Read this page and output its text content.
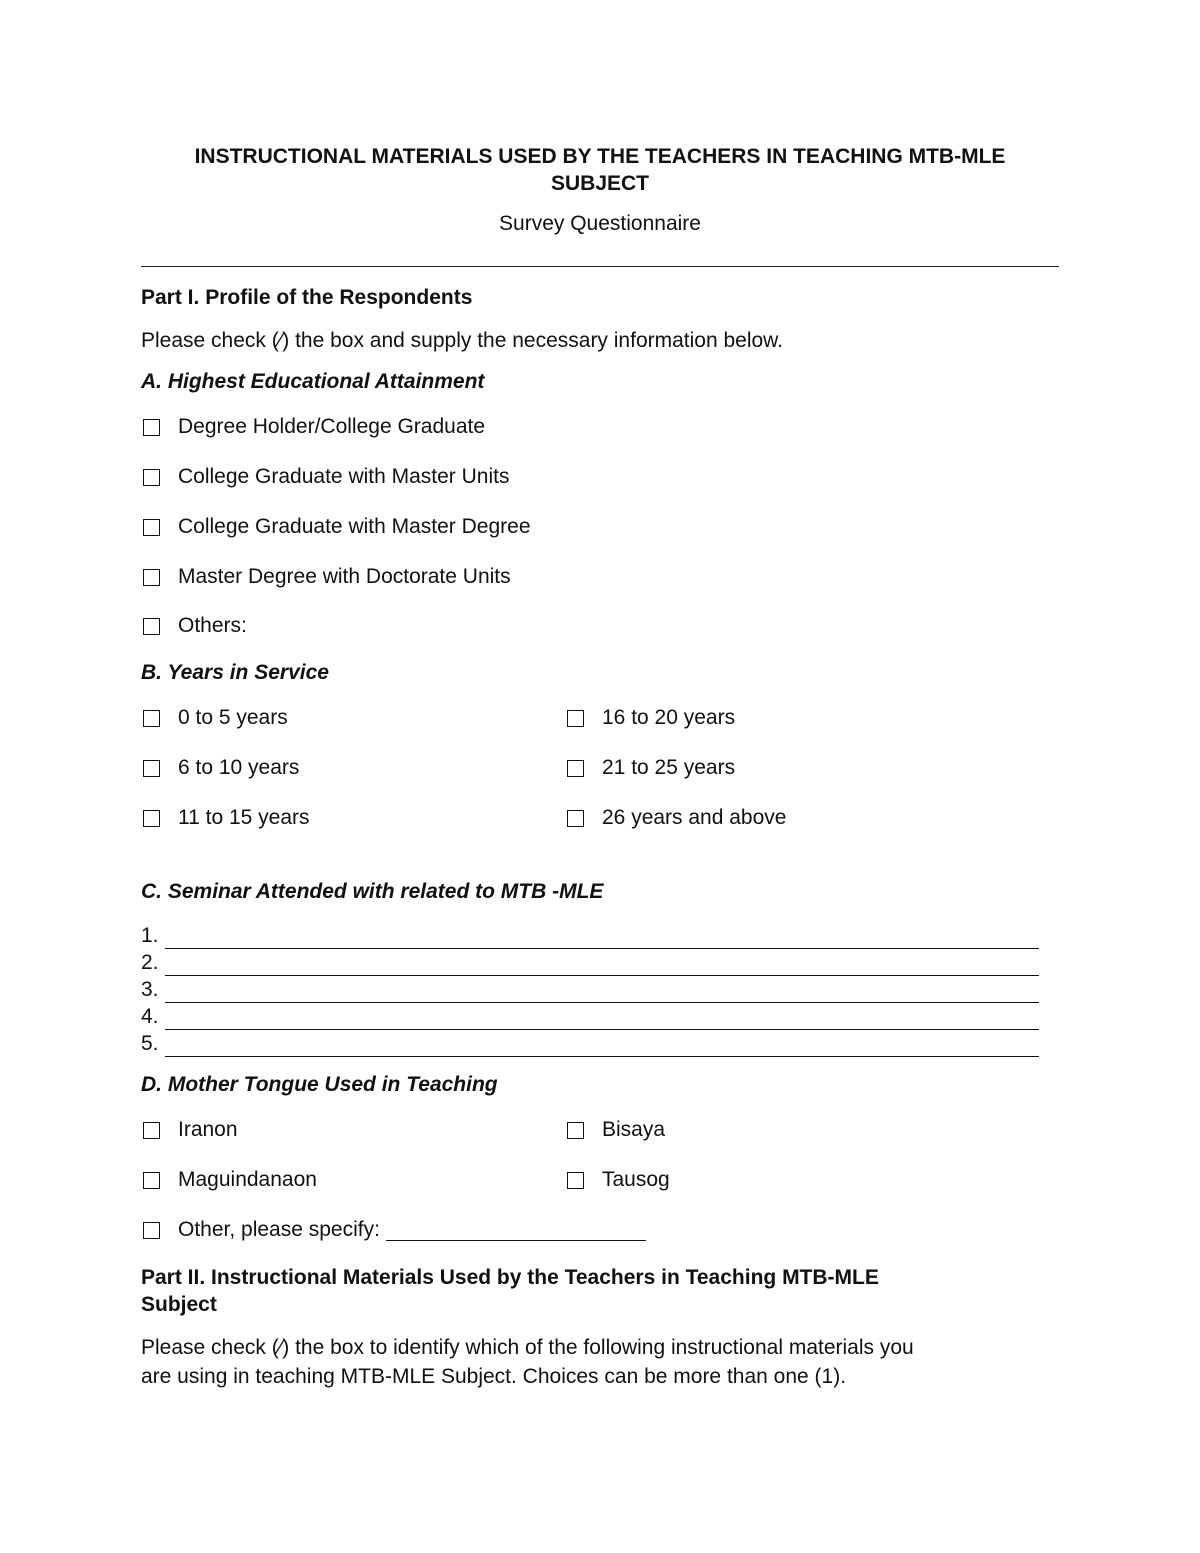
INSTRUCTIONAL MATERIALS USED BY THE TEACHERS IN TEACHING MTB-MLE
SUBJECT
Survey Questionnaire
Part I. Profile of the Respondents
Please check (∕) the box and supply the necessary information below.
A. Highest Educational Attainment
Degree Holder/College Graduate
College Graduate with Master Units
College Graduate with Master Degree
Master Degree with Doctorate Units
Others:
B. Years in Service
0 to 5 years
6 to 10 years
11 to 15 years
16 to 20 years
21 to 25 years
26 years and above
C. Seminar Attended with related to MTB -MLE
1.
2.
3.
4.
5.
D. Mother Tongue Used in Teaching
Iranon
Maguindanaon
Bisaya
Tausog
Other, please specify:
Part II. Instructional Materials Used by the Teachers in Teaching MTB-MLE
Subject
Please check (∕) the box to identify which of the following instructional materials you
are using in teaching MTB-MLE Subject. Choices can be more than one (1).
